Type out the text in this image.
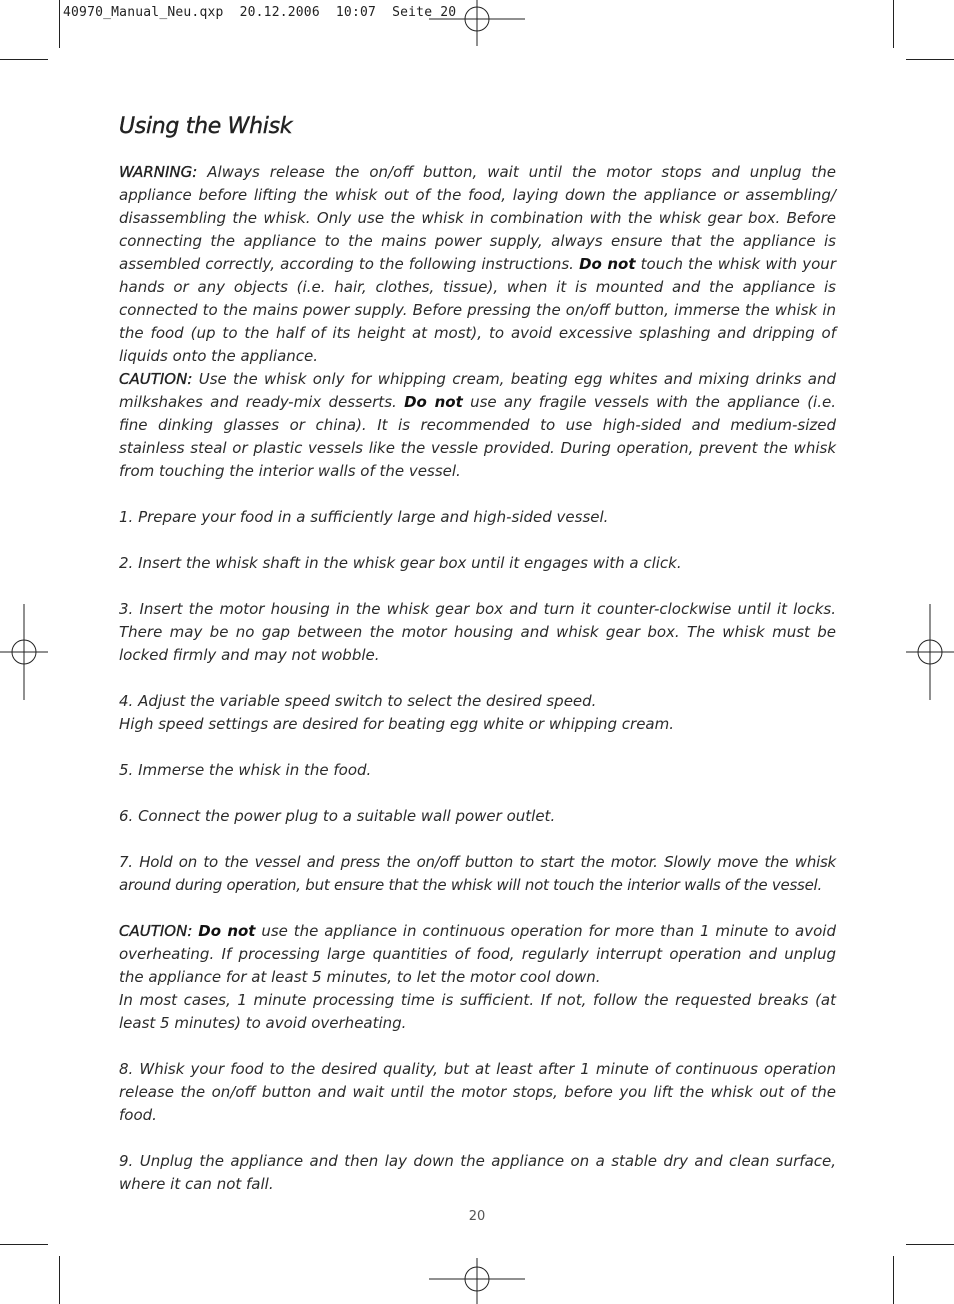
40970_Manual_Neu.qxp  20.12.2006  10:07  Seite 20
Using the Whisk

WARNING: Always release the on/off button, wait until the motor stops and unplug the appliance before lifting the whisk out of the food, laying down the appliance or assembling/ disassembling the whisk. Only use the whisk in combination with the whisk gear box. Before connecting the appliance to the mains power supply, always ensure that the appliance is assembled correctly, according to the following instructions. Do not touch the whisk with your hands or any objects (i.e. hair, clothes, tissue), when it is mounted and the appliance is connected to the mains power supply. Before pressing the on/off button, immerse the whisk in the food (up to the half of its height at most), to avoid excessive splashing and dripping of liquids onto the appliance.

CAUTION: Use the whisk only for whipping cream, beating egg whites and mixing drinks and milkshakes and ready-mix desserts. Do not use any fragile vessels with the appliance (i.e. fine dinking glasses or china). It is recommended to use high-sided and medium-sized stainless steal or plastic vessels like the vessle provided. During operation, prevent the whisk from touching the interior walls of the vessel.

1. Prepare your food in a sufficiently large and high-sided vessel.

2. Insert the whisk shaft in the whisk gear box until it engages with a click.

3. Insert the motor housing in the whisk gear box and turn it counter-clockwise until it locks. There may be no gap between the motor housing and whisk gear box. The whisk must be locked firmly and may not wobble.

4. Adjust the variable speed switch to select the desired speed.

High speed settings are desired for beating egg white or whipping cream.

5. Immerse the whisk in the food.

6. Connect the power plug to a suitable wall power outlet.

7. Hold on to the vessel and press the on/off button to start the motor. Slowly move the whisk around during operation, but ensure that the whisk will not touch the interior walls of the vessel.

CAUTION: Do not use the appliance in continuous operation for more than 1 minute to avoid overheating. If processing large quantities of food, regularly interrupt operation and unplug the appliance for at least 5 minutes, to let the motor cool down.

In most cases, 1 minute processing time is sufficient. If not, follow the requested breaks (at least 5 minutes) to avoid overheating.

8. Whisk your food to the desired quality, but at least after 1 minute of continuous operation release the on/off button and wait until the motor stops, before you lift the whisk out of the food.

9. Unplug the appliance and then lay down the appliance on a stable dry and clean surface, where it can not fall.

20
